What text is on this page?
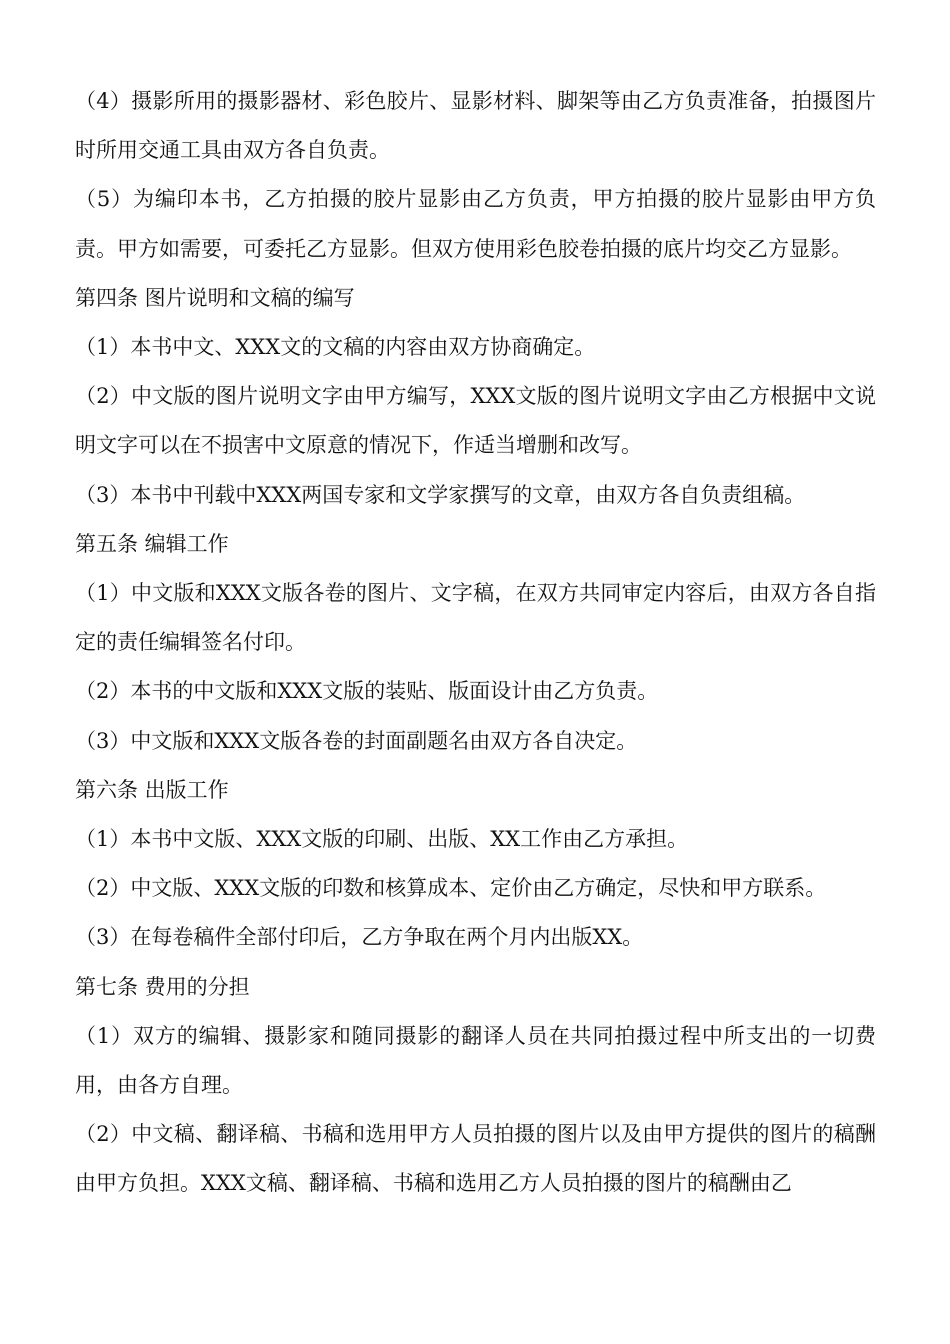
（4）摄影所用的摄影器材、彩色胶片、显影材料、脚架等由乙方负责准备，拍摄图片时所用交通工具由双方各自负责。

（5）为编印本书，乙方拍摄的胶片显影由乙方负责，甲方拍摄的胶片显影由甲方负责。甲方如需要，可委托乙方显影。但双方使用彩色胶卷拍摄的底片均交乙方显影。

第四条 图片说明和文稿的编写

（1）本书中文、XXX文的文稿的内容由双方协商确定。

（2）中文版的图片说明文字由甲方编写，XXX文版的图片说明文字由乙方根据中文说明文字可以在不损害中文原意的情况下，作适当增删和改写。

（3）本书中刊载中XXX两国专家和文学家撰写的文章，由双方各自负责组稿。

第五条 编辑工作

（1）中文版和XXX文版各卷的图片、文字稿，在双方共同审定内容后，由双方各自指定的责任编辑签名付印。

（2）本书的中文版和XXX文版的装贴、版面设计由乙方负责。

（3）中文版和XXX文版各卷的封面副题名由双方各自决定。

第六条 出版工作

（1）本书中文版、XXX文版的印刷、出版、XX工作由乙方承担。

（2）中文版、XXX文版的印数和核算成本、定价由乙方确定，尽快和甲方联系。

（3）在每卷稿件全部付印后，乙方争取在两个月内出版XX。

第七条 费用的分担

（1）双方的编辑、摄影家和随同摄影的翻译人员在共同拍摄过程中所支出的一切费用，由各方自理。

（2）中文稿、翻译稿、书稿和选用甲方人员拍摄的图片以及由甲方提供的图片的稿酬由甲方负担。XXX文稿、翻译稿、书稿和选用乙方人员拍摄的图片的稿酬由乙
